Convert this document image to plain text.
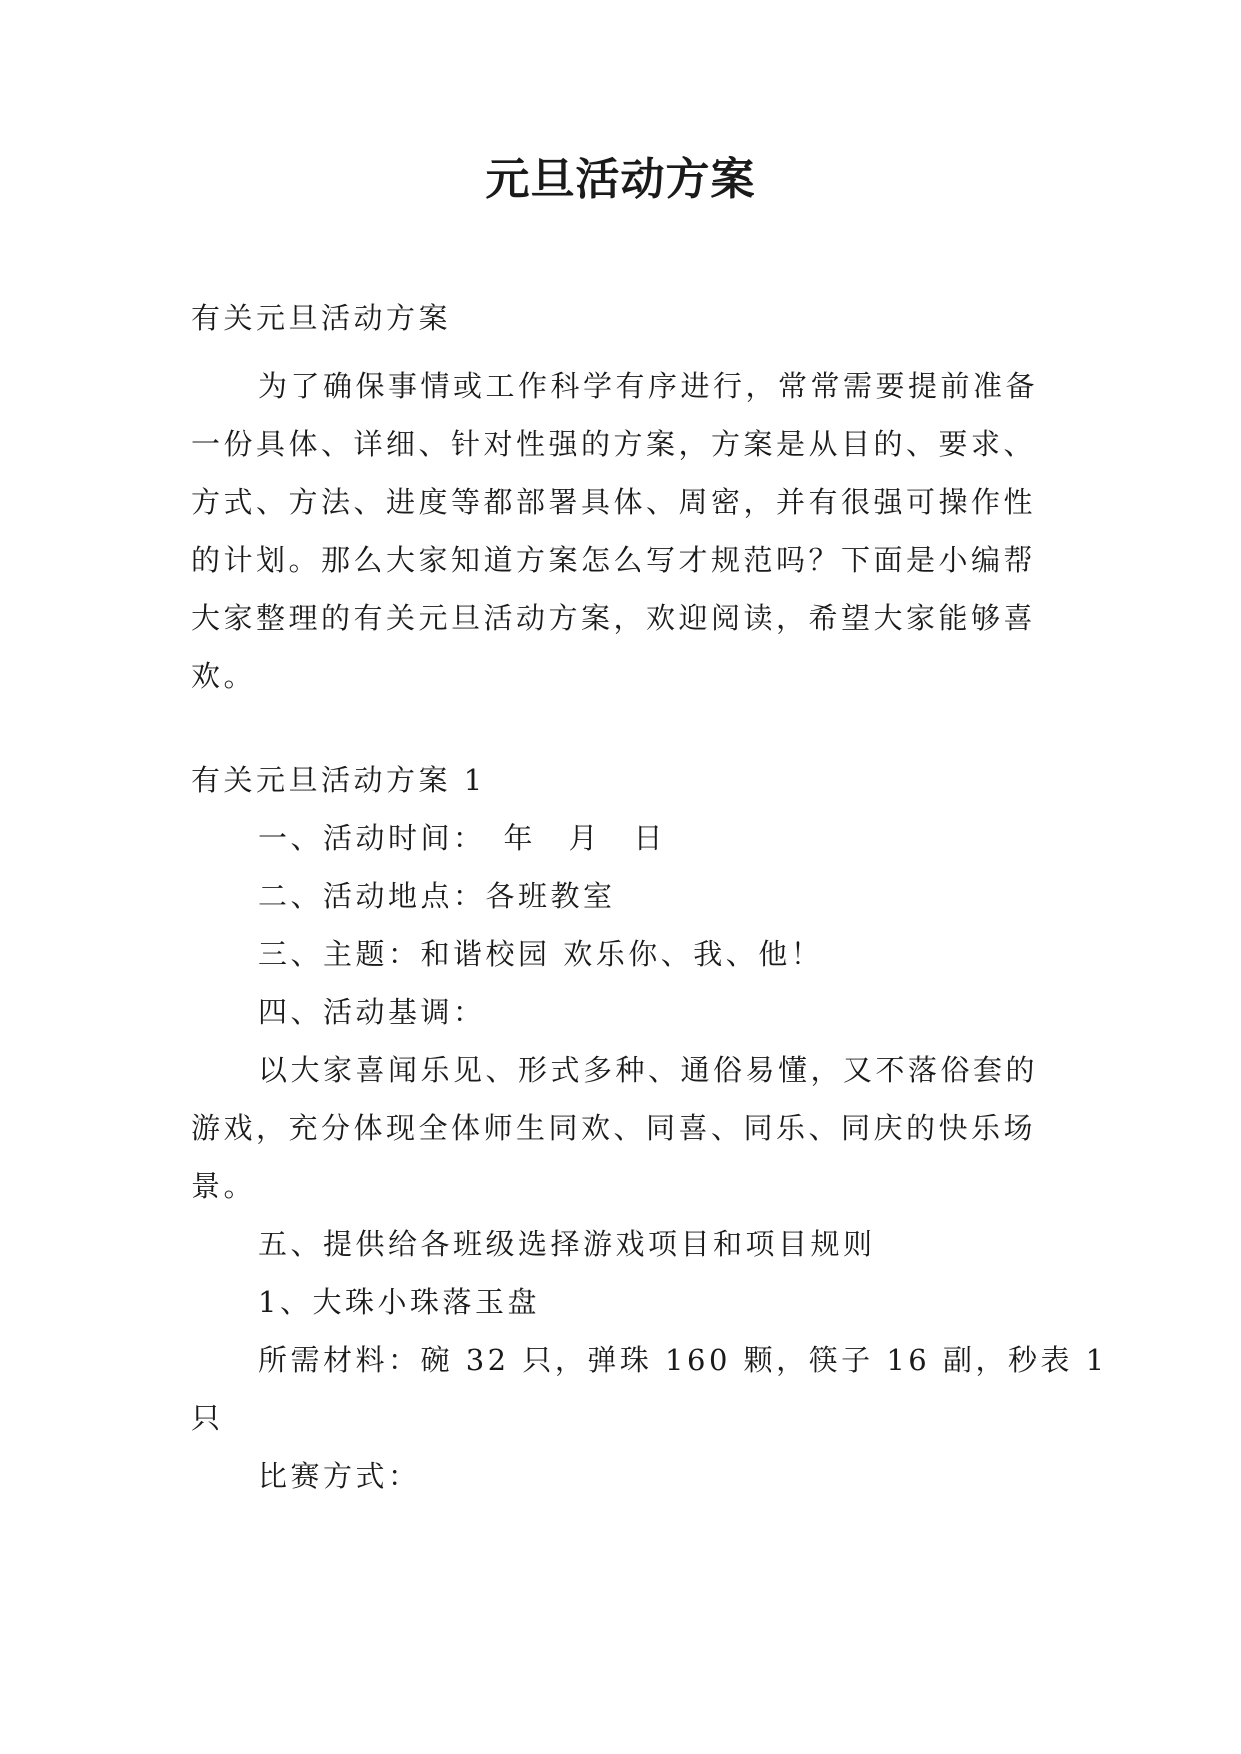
元旦活动方案
有关元旦活动方案
为了确保事情或工作科学有序进行，常常需要提前准备
一份具体、详细、针对性强的方案，方案是从目的、要求、
方式、方法、进度等都部署具体、周密，并有很强可操作性
的计划。那么大家知道方案怎么写才规范吗？下面是小编帮
大家整理的有关元旦活动方案，欢迎阅读，希望大家能够喜
欢。
有关元旦活动方案 1
一、活动时间：　年　月　日
二、活动地点：各班教室
三、主题：和谐校园 欢乐你、我、他！
四、活动基调：
以大家喜闻乐见、形式多种、通俗易懂，又不落俗套的
游戏，充分体现全体师生同欢、同喜、同乐、同庆的快乐场
景。
五、提供给各班级选择游戏项目和项目规则
1、大珠小珠落玉盘
所需材料：碗 32 只，弹珠 160 颗，筷子 16 副，秒表 1
只
比赛方式：
